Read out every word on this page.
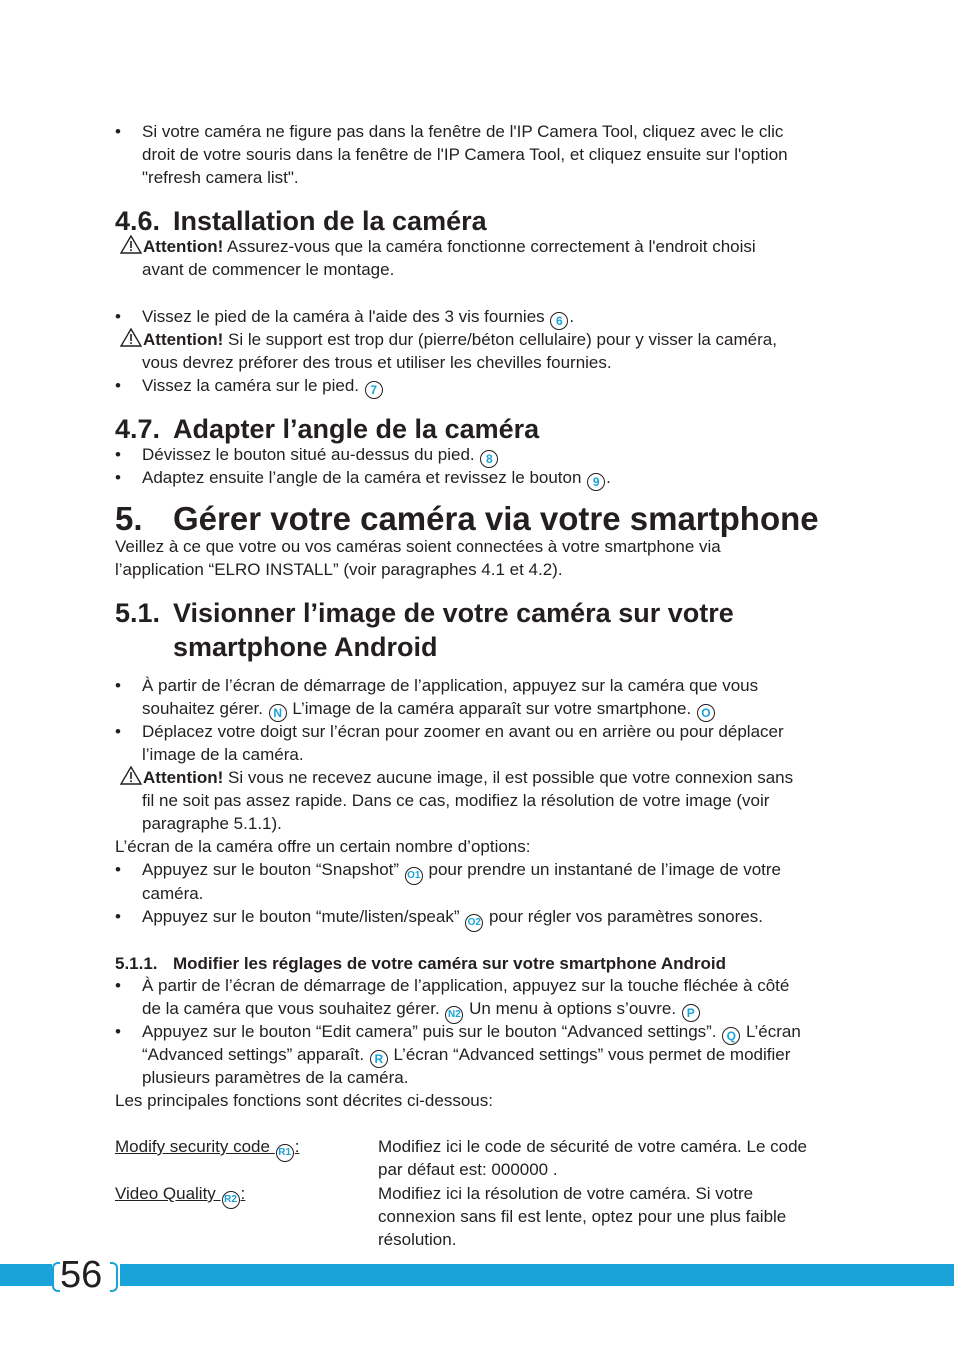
• Si votre caméra ne figure pas dans la fenêtre de l'IP Camera Tool, cliquez avec le clic
droit de votre souris dans la fenêtre de l'IP Camera Tool, et cliquez ensuite sur l'option
"refresh camera list".
4.6. Installation de la caméra
Attention! Assurez-vous que la caméra fonctionne correctement à l'endroit choisi
avant de commencer le montage.
• Vissez le pied de la caméra à l'aide des 3 vis fournies 6 .
Attention! Si le support est trop dur (pierre/béton cellulaire) pour y visser la caméra,
vous devrez préforer des trous et utiliser les chevilles fournies.
• Vissez la caméra sur le pied. 7
4.7. Adapter l’angle de la caméra
• Dévissez le bouton situé au-dessus du pied. 8
• Adaptez ensuite l’angle de la caméra et revissez le bouton 9 .
5. Gérer votre caméra via votre smartphone
Veillez à ce que votre ou vos caméras soient connectées à votre smartphone via
l’application “ELRO INSTALL” (voir paragraphes 4.1 et 4.2).
5.1. Visionner l’image de votre caméra sur votre
smartphone Android
• À partir de l’écran de démarrage de l’application, appuyez sur la caméra que vous
souhaitez gérer. N L’image de la caméra apparaît sur votre smartphone. O
• Déplacez votre doigt sur l’écran pour zoomer en avant ou en arrière ou pour déplacer
l’image de la caméra.
Attention! Si vous ne recevez aucune image, il est possible que votre connexion sans
fil ne soit pas assez rapide. Dans ce cas, modifiez la résolution de votre image (voir
paragraphe 5.1.1).
L’écran de la caméra offre un certain nombre d’options:
• Appuyez sur le bouton “Snapshot” O1 pour prendre un instantané de l’image de votre
caméra.
• Appuyez sur le bouton “mute/listen/speak” O2 pour régler vos paramètres sonores.
5.1.1. Modifier les réglages de votre caméra sur votre smartphone Android
• À partir de l’écran de démarrage de l’application, appuyez sur la touche fléchée à côté
de la caméra que vous souhaitez gérer. N2 Un menu à options s’ouvre. P
• Appuyez sur le bouton “Edit camera” puis sur le bouton “Advanced settings”. Q L’écran
“Advanced settings” apparaît. R L’écran “Advanced settings” vous permet de modifier
plusieurs paramètres de la caméra.
Les principales fonctions sont décrites ci-dessous:
Modify security code R1 :	Modifiez ici le code de sécurité de votre caméra. Le code
par défaut est: 000000 .
Video Quality R2 :	Modifiez ici la résolution de votre caméra. Si votre
connexion sans fil est lente, optez pour une plus faible
résolution.
56
